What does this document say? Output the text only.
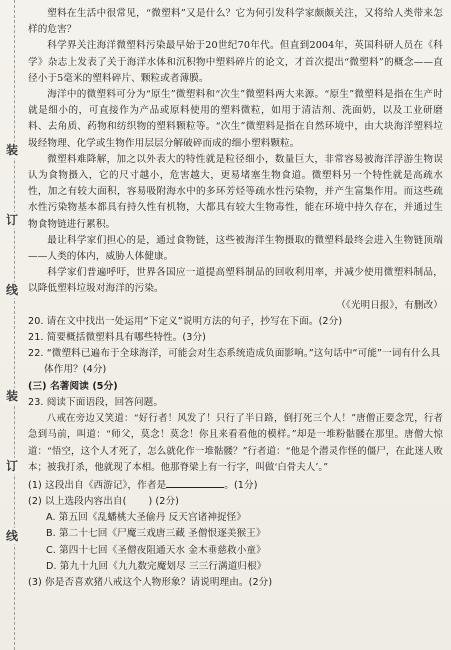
装
订
线
装
订
线

塑料在生活中很常见，“微塑料”又是什么？它为何引发科学家颇颇关注，又将给人类带来怎样的危害？

科学界关注海洋微塑料污染最早始于20世纪70年代。但直到2004年，英国科研人员在《科学》杂志上发表了关于海洋水体和沉积物中塑料碎片的论文，才首次提出“微塑料”的概念——直径小于5毫米的塑料碎片、颗粒或者薄膜。

海洋中的微塑料可分为“原生”微塑料和“次生”微塑料两大来源。“原生”微塑料是指在生产时就是细小的，可直接作为产品或原料使用的塑料微粒，如用于清洁剂、洗面奶，以及工业研磨料、去角质、药物和纺织物的塑料颗粒等。“次生”微塑料是指在自然环境中，由大块海洋塑料垃圾经物理、化学或生物作用层层分解破碎而成的细小塑料颗粒。

微塑料难降解，加之以外表大的特性就是粒径细小，数量巨大，非常容易被海洋浮游生物误认为食物摄入，它的尺寸越小，危害越大，更易堵塞生物食道。微塑料另一个特性就是高疏水性，加之有较大面积，容易吸附海水中的多环芳烃等疏水性污染物，并产生富集作用。而这些疏水性污染物基本都具有持久性有机物，大都具有较大生物毒性，能在环境中持久存在，并通过生物食物链进行累积。

最让科学家们担心的是，通过食物链，这些被海洋生物摄取的微塑料最终会进入生物链顶端——人类的体内，威胁人体健康。

科学家们普遍呼吁，世界各国应一道提高塑料制品的回收利用率，并减少使用微塑料制品，以降低塑料垃圾对海洋的污染。

（《光明日报》，有删改）

20. 请在文中找出一处运用“下定义”说明方法的句子，抄写在下面。(2分)

21. 简要概括微塑料具有哪些特性。(3分)

22. “微塑料已遍布于全球海洋，可能会对生态系统造成负面影响。”这句话中“可能”一词有什么具体作用？(4分)

(三) 名著阅读 (5分)

23. 阅读下面语段，回答问题。

八戒在旁边又笑道：“好行者！风发了！只行了半日路，倒打死三个人！”唐僧正要念咒，行者急到马前，叫道：“师父，莫念！莫念！你且来看看他的模样。”却是一堆粉骷髅在那里。唐僧大惊道：“悟空，这个人才死了，怎么就化作一堆骷髅？”行者道：“他是个潜灵作怪的僵尸，在此迷人败本；被我打杀，他就现了本相。他那脊梁上有一行字，叫做‘白骨夫人’。”

(1) 这段出自《西游记》，作者是	。(1分)

(2) 以上选段内容出自( ) (2分)

A. 第五回《乱蟠桃大圣偷丹 反天宫诸神捉怪》

B. 第二十七回《尸魔三戏唐三藏 圣僧恨逐美猴王》

C. 第四十七回《圣僧夜阻通天水 金木垂慈救小童》

D. 第九十九回《九九数完魔划尽 三三行满道归根》

(3) 你是否喜欢猪八戒这个人物形象？请说明理由。(2分)
